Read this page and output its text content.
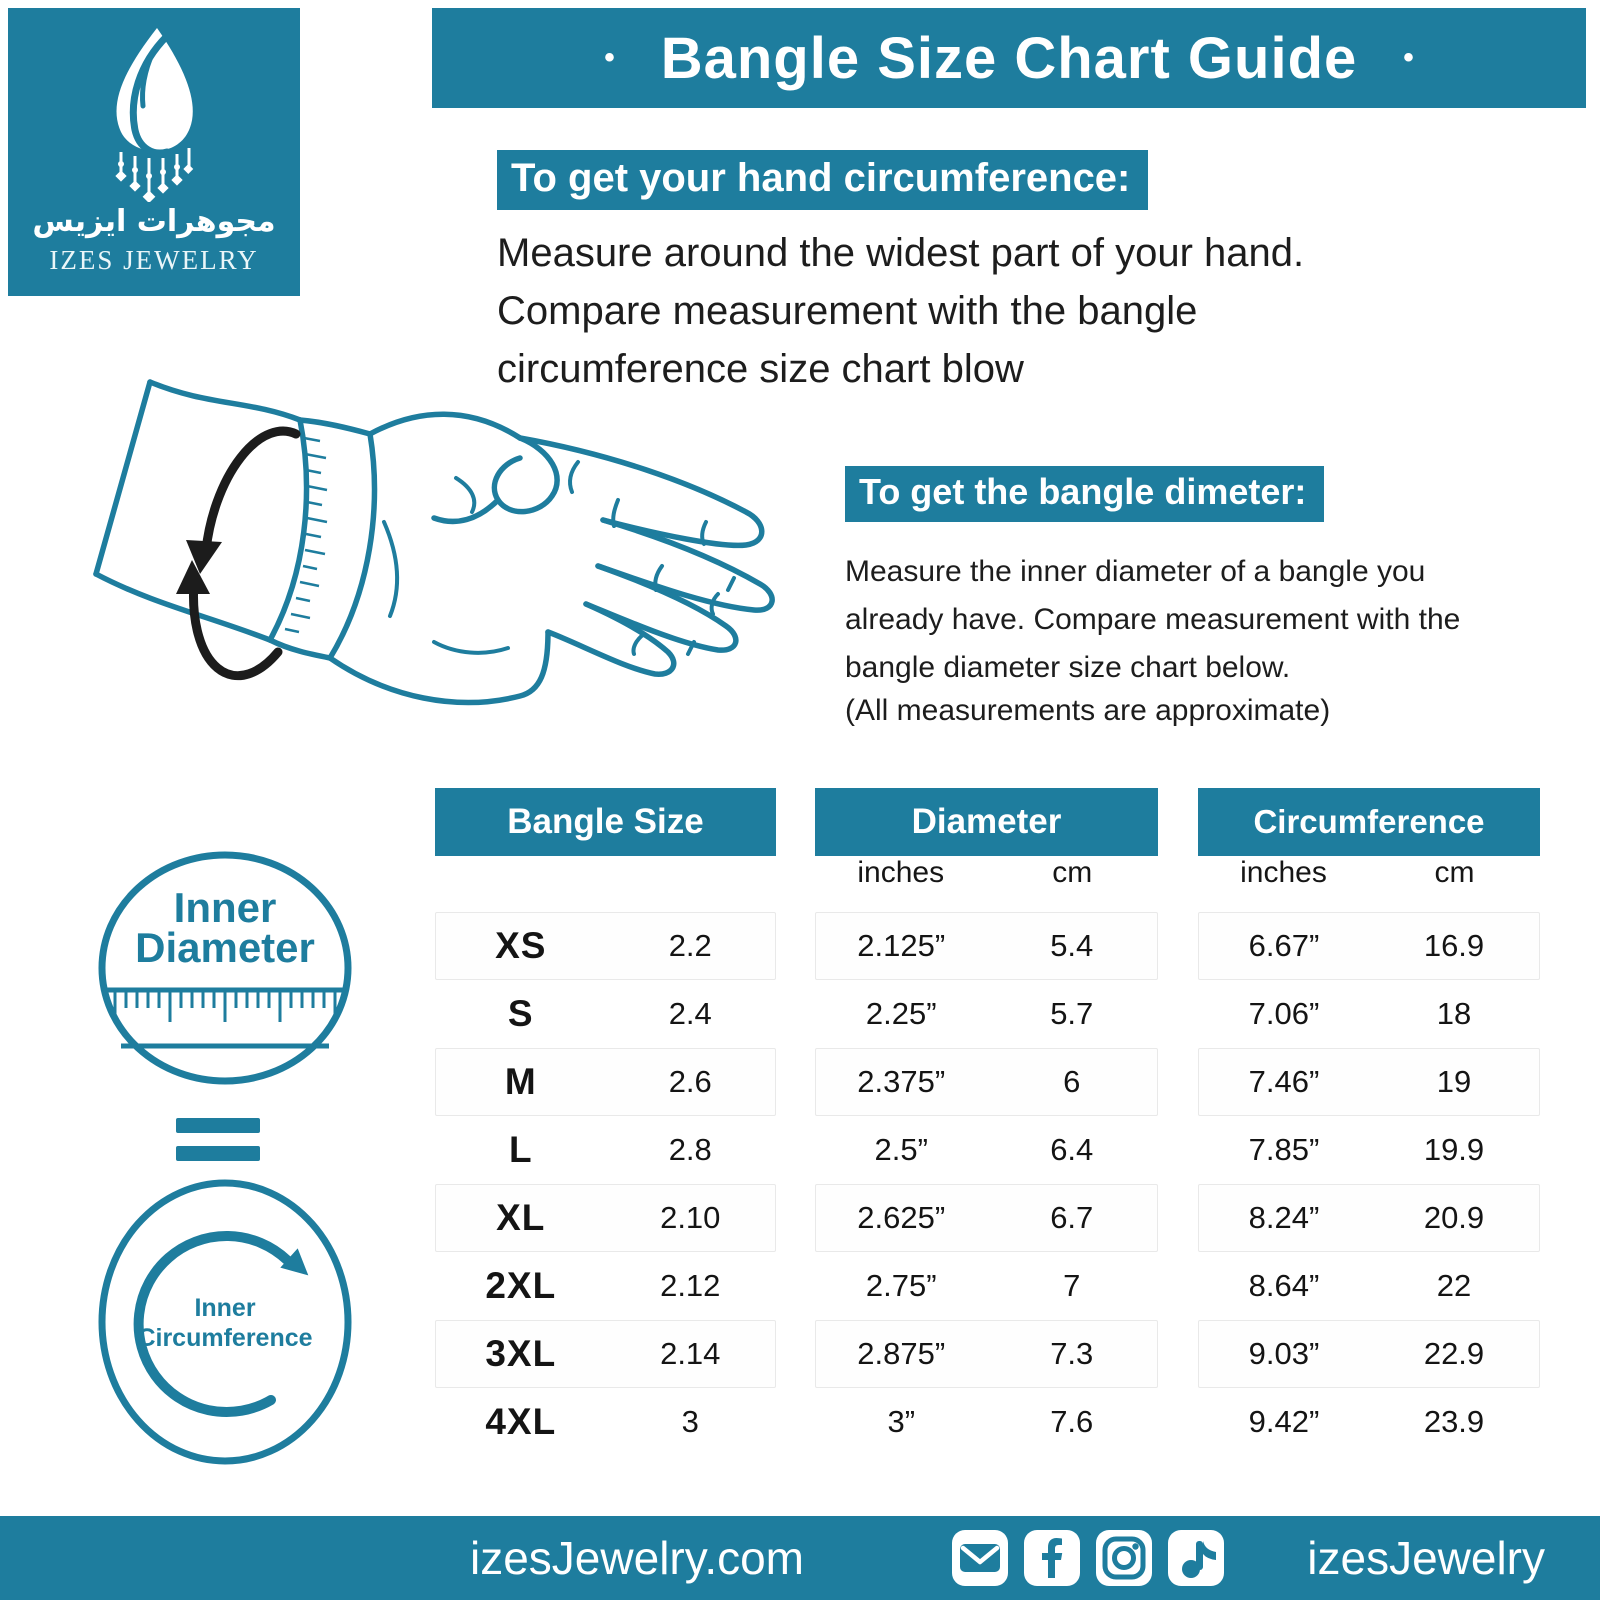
مجوهرات ايزيس
IZES JEWELRY
• Bangle Size Chart Guide •
To get your hand circumference:
Measure around the widest part of your hand.
Compare measurement with the bangle
circumference size chart blow
To get the bangle dimeter:
Measure the inner diameter of a bangle you
already have. Compare measurement with the
bangle diameter size chart below.
(All measurements are approximate)
Inner
Diameter
Inner
Circumference
Bangle Size	Diameter	Circumference
inches	cm	inches	cm
XS	2.2	2.125”	5.4	6.67”	16.9
S	2.4	2.25”	5.7	7.06”	18
M	2.6	2.375”	6	7.46”	19
L	2.8	2.5”	6.4	7.85”	19.9
XL	2.10	2.625”	6.7	8.24”	20.9
2XL	2.12	2.75”	7	8.64”	22
3XL	2.14	2.875”	7.3	9.03”	22.9
4XL	3	3”	7.6	9.42”	23.9
izesJewelry.com	izesJewelry
